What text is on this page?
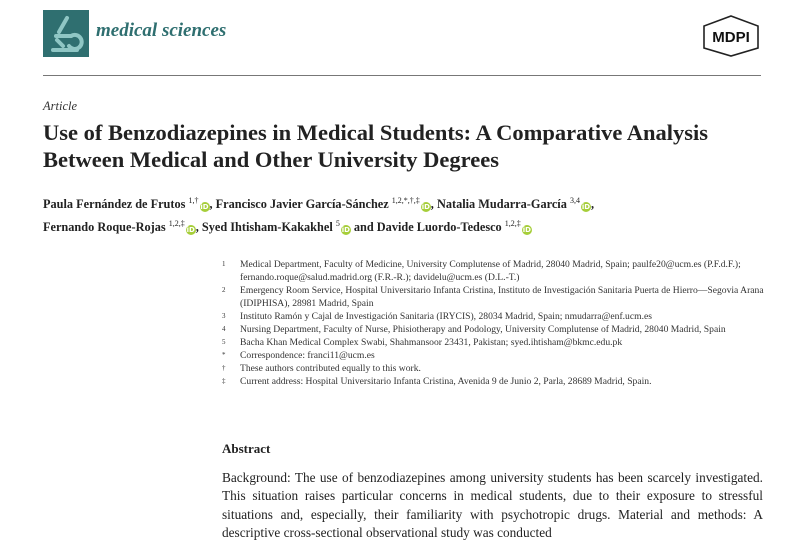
medical sciences	MDPI
Article
Use of Benzodiazepines in Medical Students: A Comparative Analysis Between Medical and Other University Degrees
Paula Fernández de Frutos $^{1,\dagger}$iD, Francisco Javier García-Sánchez $^{1,2,*,\dagger,\ddagger}$iD, Natalia Mudarra-García $^{3,4}$iD,
Fernando Roque-Rojas $^{1,2,\ddagger}$iD, Syed Ihtisham-Kakakhel $^5$iD and Davide Luordo-Tedesco $^{1,2,\ddagger}$iD
1	Medical Department, Faculty of Medicine, University Complutense of Madrid, 28040 Madrid, Spain; paulfe20@ucm.es (P.F.d.F.); fernando.roque@salud.madrid.org (F.R.-R.); davidelu@ucm.es (D.L.-T.)
2	Emergency Room Service, Hospital Universitario Infanta Cristina, Instituto de Investigación Sanitaria Puerta de Hierro—Segovia Arana (IDIPHISA), 28981 Madrid, Spain
3	Instituto Ramón y Cajal de Investigación Sanitaria (IRYCIS), 28034 Madrid, Spain; nmudarra@enf.ucm.es
4	Nursing Department, Faculty of Nurse, Phisiotherapy and Podology, University Complutense of Madrid, 28040 Madrid, Spain
5	Bacha Khan Medical Complex Swabi, Shahmansoor 23431, Pakistan; syed.ihtisham@bkmc.edu.pk
*	Correspondence: franci11@ucm.es
†	These authors contributed equally to this work.
‡	Current address: Hospital Universitario Infanta Cristina, Avenida 9 de Junio 2, Parla, 28689 Madrid, Spain.
Abstract
Background: The use of benzodiazepines among university students has been scarcely investigated. This situation raises particular concerns in medical students, due to their exposure to stressful situations and, especially, their familiarity with psychotropic drugs. Material and methods: A descriptive cross-sectional observational study was conducted
